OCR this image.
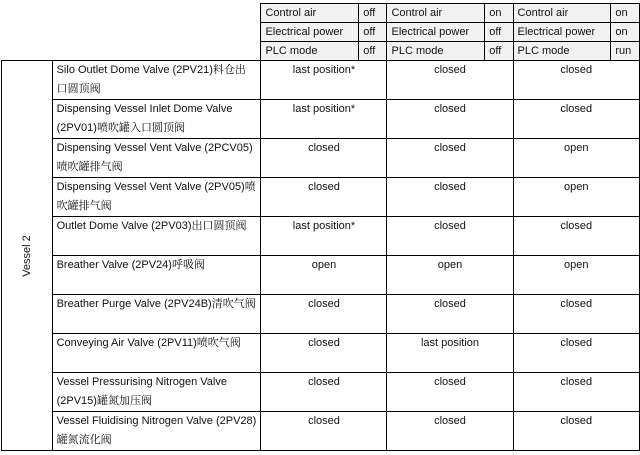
		Control air	off	Control air	on	Control air	on
		Electrical power	off	Electrical power	off	Electrical power	on
		PLC mode	off	PLC mode	off	PLC mode	run
Vessel 2	Silo Outlet Dome Valve (2PV21)料仓出口圆顶阀	last position*		closed		closed	
	Dispensing Vessel Inlet Dome Valve (2PV01)喷吹罐入口圆顶阀	last position*		closed		closed	
	Dispensing Vessel Vent Valve (2PCV05)喷吹罐排气阀	closed		closed		open	
	Dispensing Vessel Vent Valve (2PV05)喷吹罐排气阀	closed		closed		open	
	Outlet Dome Valve (2PV03)出口圆顶阀	last position*		closed		closed	
	Breather Valve (2PV24)呼吸阀	open		open		open	
	Breather Purge Valve (2PV24B)清吹气阀	closed		closed		closed	
	Conveying Air Valve (2PV11)喷吹气阀	closed		last position		closed	
	Vessel Pressurising Nitrogen Valve (2PV15)罐氮加压阀	closed		closed		closed	
	Vessel Fluidising Nitrogen Valve (2PV28)罐氮流化阀	closed		closed		closed	
